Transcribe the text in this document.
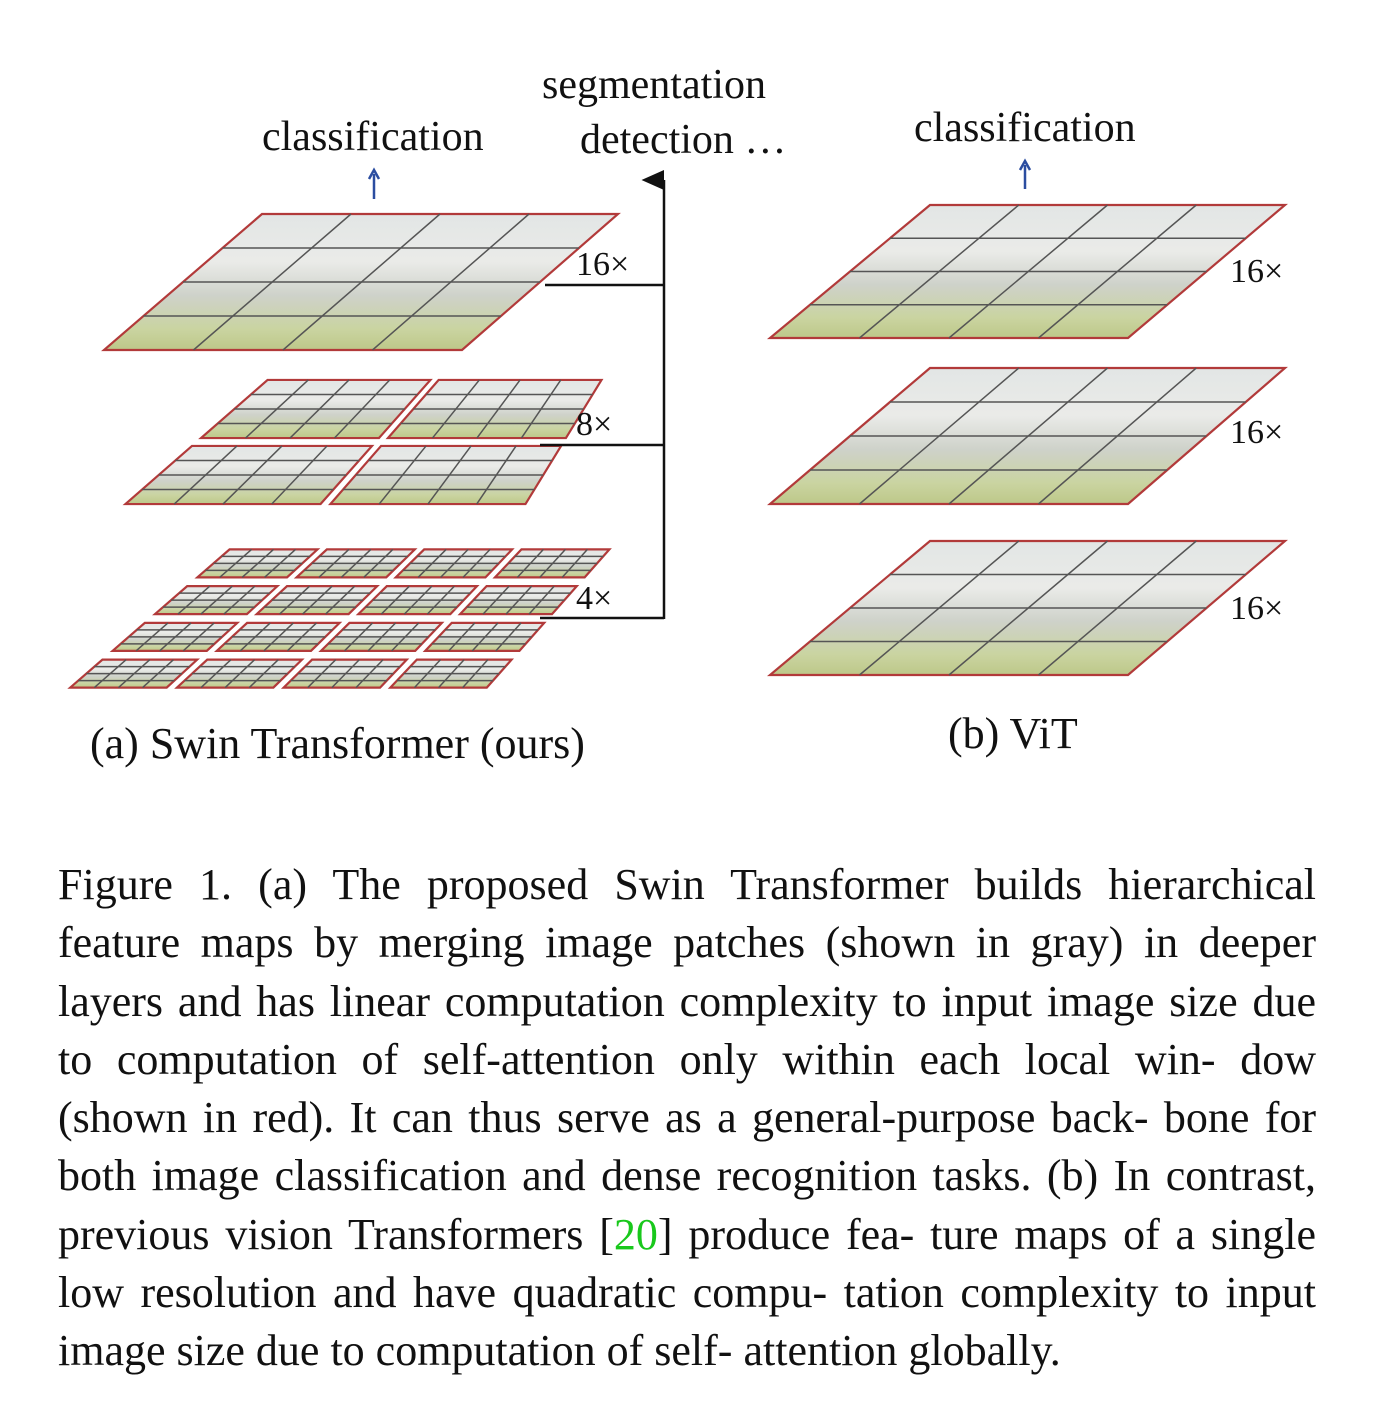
classification
segmentation
detection …
16×
8×
4×
(a) Swin Transformer (ours)
classification
16×
16×
16×
(b) ViT

Figure 1. (a) The proposed Swin Transformer builds hierarchical feature maps by merging image patches (shown in gray) in deeper layers and has linear computation complexity to input image size due to computation of self-attention only within each local win- dow (shown in red). It can thus serve as a general-purpose back- bone for both image classification and dense recognition tasks. (b) In contrast, previous vision Transformers [20] produce fea- ture maps of a single low resolution and have quadratic compu- tation complexity to input image size due to computation of self- attention globally.
